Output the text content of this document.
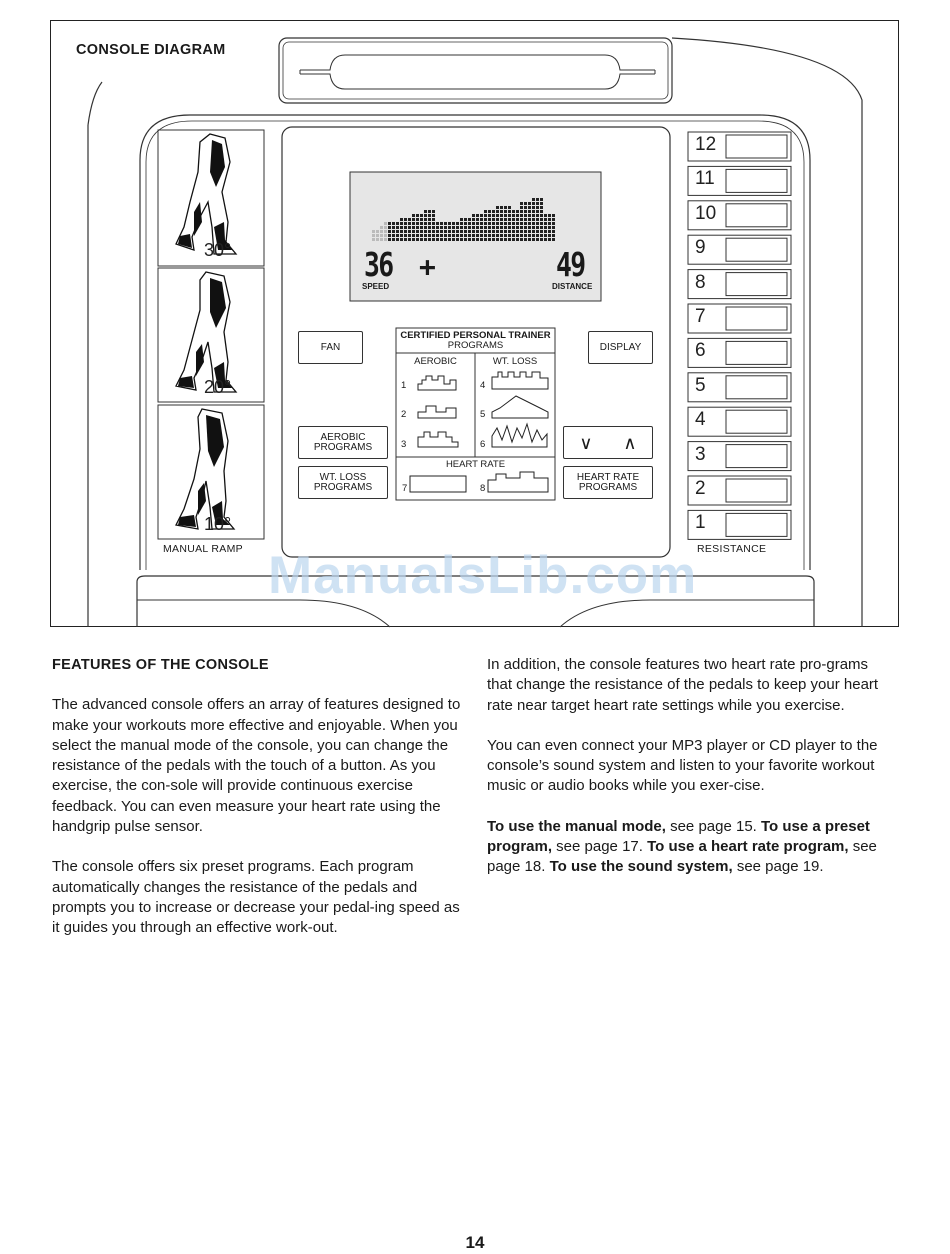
CONSOLE DIAGRAM
30°
20°
10°
MANUAL RAMP
36 +	49
SPEED	DISTANCE
FAN	DISPLAY
AEROBIC PROGRAMS
WT. LOSS PROGRAMS
HEART RATE PROGRAMS
∨ ∧
CERTIFIED PERSONAL TRAINER
PROGRAMS
AEROBIC	WT. LOSS
HEART RATE
1
2
3
4
5
6
7	8
12
11
10
9
8
7
6
5
4
3
2
1
RESISTANCE
ManualsLib.com

FEATURES OF THE CONSOLE

The advanced console offers an array of features designed to make your workouts more effective and enjoyable. When you select the manual mode of the console, you can change the resistance of the pedals with the touch of a button. As you exercise, the con-sole will provide continuous exercise feedback. You can even measure your heart rate using the handgrip pulse sensor.

The console offers six preset programs. Each program automatically changes the resistance of the pedals and prompts you to increase or decrease your pedal-ing speed as it guides you through an effective work-out.

In addition, the console features two heart rate pro-grams that change the resistance of the pedals to keep your heart rate near target heart rate settings while you exercise.

You can even connect your MP3 player or CD player to the console’s sound system and listen to your favorite workout music or audio books while you exer-cise.

To use the manual mode, see page 15. To use a preset program, see page 17. To use a heart rate program, see page 18. To use the sound system, see page 19.

14
